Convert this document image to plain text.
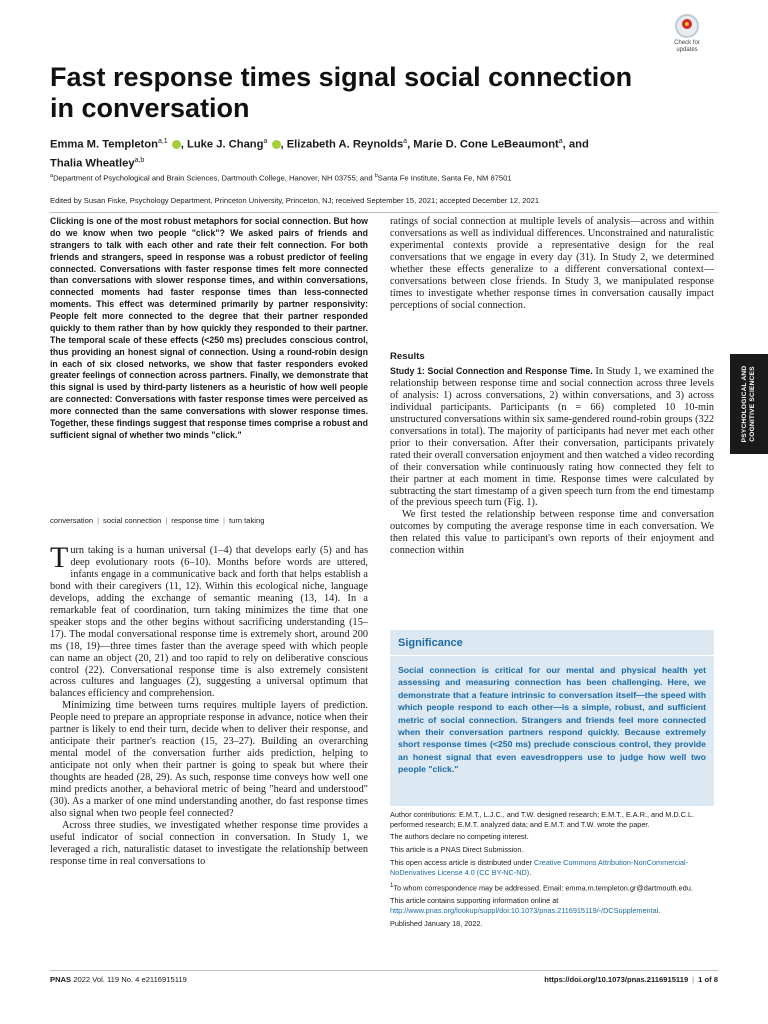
Check for
updates
Fast response times signal social connection in conversation
Emma M. Templeton$^{a,1}$ , Luke J. Chang$^a$ , Elizabeth A. Reynolds$^a$, Marie D. Cone LeBeaumont$^a$, and
Thalia Wheatley$^{a,b}$
$^a$Department of Psychological and Brain Sciences, Dartmouth College, Hanover, NH 03755; and $^b$Santa Fe Institute, Santa Fe, NM 87501
Edited by Susan Fiske, Psychology Department, Princeton University, Princeton, NJ; received September 15, 2021; accepted December 12, 2021

Clicking is one of the most robust metaphors for social connection. But how do we know when two people "click"? We asked pairs of friends and strangers to talk with each other and rate their felt connection. For both friends and strangers, speed in response was a robust predictor of feeling connected. Conversations with faster response times felt more connected than conversations with slower response times, and within conversations, connected moments had faster response times than less-connected moments. This effect was determined primarily by partner responsivity: People felt more connected to the degree that their partner responded quickly to them rather than by how quickly they responded to their partner. The temporal scale of these effects (<250 ms) precludes conscious control, thus providing an honest signal of connection. Using a round-robin design in each of six closed networks, we show that faster responders evoked greater feelings of connection across partners. Finally, we demonstrate that this signal is used by third-party listeners as a heuristic of how well people are connected: Conversations with faster response times were perceived as more connected than the same conversations with slower response times. Together, these findings suggest that response times comprise a robust and sufficient signal of whether two minds "click."

conversation | social connection | response time | turn taking

Turn taking is a human universal (1–4) that develops early (5) and has deep evolutionary roots (6–10). Months before words are uttered, infants engage in a communicative back and forth that helps establish a bond with their caregivers (11, 12). Within this ecological niche, language develops, adding the exchange of semantic meaning (13, 14). In a remarkable feat of coordination, turn taking minimizes the time that one speaker stops and the other begins without sacrificing understanding (15–17). The modal conversational response time is extremely short, around 200 ms (18, 19)—three times faster than the average speed with which people can name an object (20, 21) and too rapid to rely on deliberative conscious control (22). Conversational response time is also extremely consistent across cultures and languages (2), suggesting a universal optimum that balances efficiency and comprehension.

Minimizing time between turns requires multiple layers of prediction. People need to prepare an appropriate response in advance, notice when their partner is likely to end their turn, decide when to deliver their response, and anticipate their partner's reaction (15, 23–27). Building an overarching mental model of the conversation further aids prediction, helping to anticipate not only when their partner is going to speak but where their thoughts are headed (28, 29). As such, response time conveys how well one mind predicts another, a behavioral metric of being "heard and understood" (30). As a marker of one mind understanding another, do fast response times also signal when two people feel connected?

Across three studies, we investigated whether response time provides a useful indicator of social connection in conversation. In Study 1, we leveraged a rich, naturalistic dataset to investigate the relationship between response time in real conversations to

ratings of social connection at multiple levels of analysis—across and within conversations as well as individual differences. Unconstrained and naturalistic experimental contexts provide a representative design for the real conversations that we engage in every day (31). In Study 2, we determined whether these effects generalize to a different conversational context—conversations between close friends. In Study 3, we manipulated response times to investigate whether response times in conversation causally impact perceptions of social connection.

Results

Study 1: Social Connection and Response Time. In Study 1, we examined the relationship between response time and social connection across three levels of analysis: 1) across conversations, 2) within conversations, and 3) across individual participants. Participants (n = 66) completed 10 10-min unstructured conversations within six same-gendered round-robin groups (322 conversations in total). The majority of participants had never met each other prior to their conversation. After their conversation, participants privately rated their overall conversation enjoyment and then watched a video recording of their conversation while continuously rating how connected they felt to their partner at each moment in time. Response times were calculated by subtracting the start timestamp of a given speech turn from the end timestamp of the previous speech turn (Fig. 1).

We first tested the relationship between response time and conversation outcomes by computing the average response time in each conversation. We then related this value to participant's own reports of their enjoyment and connection within

PSYCHOLOGICAL AND COGNITIVE SCIENCES
Significance

Social connection is critical for our mental and physical health yet assessing and measuring connection has been challenging. Here, we demonstrate that a feature intrinsic to conversation itself—the speed with which people respond to each other—is a simple, robust, and sufficient metric of social connection. Strangers and friends feel more connected when their conversation partners respond quickly. Because extremely short response times (<250 ms) preclude conscious control, they provide an honest signal that even eavesdroppers use to judge how well two people "click."

Author contributions: E.M.T., L.J.C., and T.W. designed research; E.M.T., E.A.R., and M.D.C.L. performed research; E.M.T. analyzed data; and E.M.T. and T.W. wrote the paper.

The authors declare no competing interest.

This article is a PNAS Direct Submission.

This open access article is distributed under Creative Commons Attribution-NonCommercial-NoDerivatives License 4.0 (CC BY-NC-ND).

$^1$To whom correspondence may be addressed. Email: emma.m.templeton.gr@dartmouth.edu.

This article contains supporting information online at http://www.pnas.org/lookup/suppl/doi:10.1073/pnas.2116915119/-/DCSupplemental.

Published January 18, 2022.

PNAS 2022 Vol. 119 No. 4 e2116915119	https://doi.org/10.1073/pnas.2116915119 | 1 of 8
